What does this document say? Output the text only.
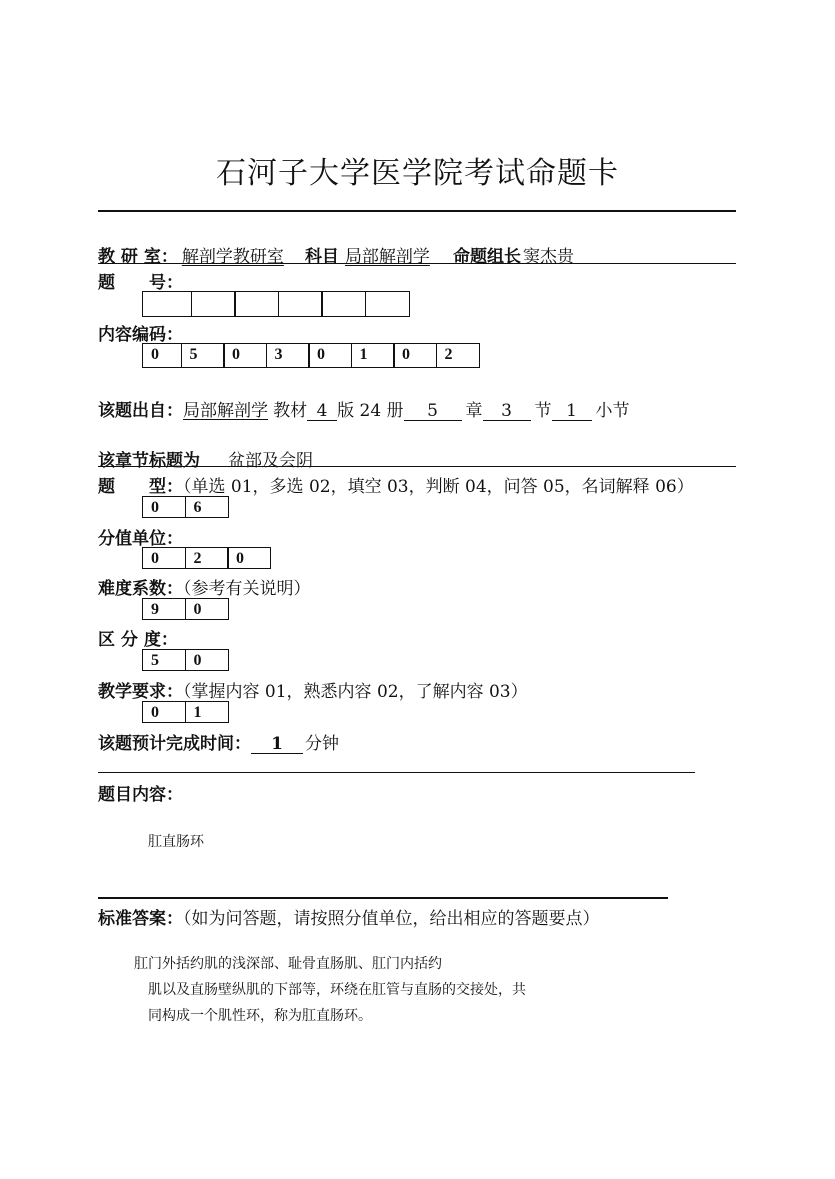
石河子大学医学院考试命题卡
教 研 室： 解剖学教研室 科目 局部解剖学 命题组长 窦杰贵
题　　号：
内容编码：
0	5	0	3	0	1	0	2
该题出自：局部解剖学 教材 4 版 24 册 5 章 3 节 1 小节
该章节标题为 盆部及会阴
题　　型：（单选 01，多选 02，填空 03，判断 04，问答 05，名词解释 06）
0	6
分值单位：
0	2	0
难度系数：（参考有关说明）
9	0
区 分 度：
5	0
教学要求：（掌握内容 01，熟悉内容 02，了解内容 03）
0	1
该题预计完成时间： 1 分钟
题目内容：
肛直肠环
标准答案：（如为问答题，请按照分值单位，给出相应的答题要点）
肛门外括约肌的浅深部、耻骨直肠肌、肛门内括约
肌以及直肠壁纵肌的下部等，环绕在肛管与直肠的交接处，共
同构成一个肌性环，称为肛直肠环。
